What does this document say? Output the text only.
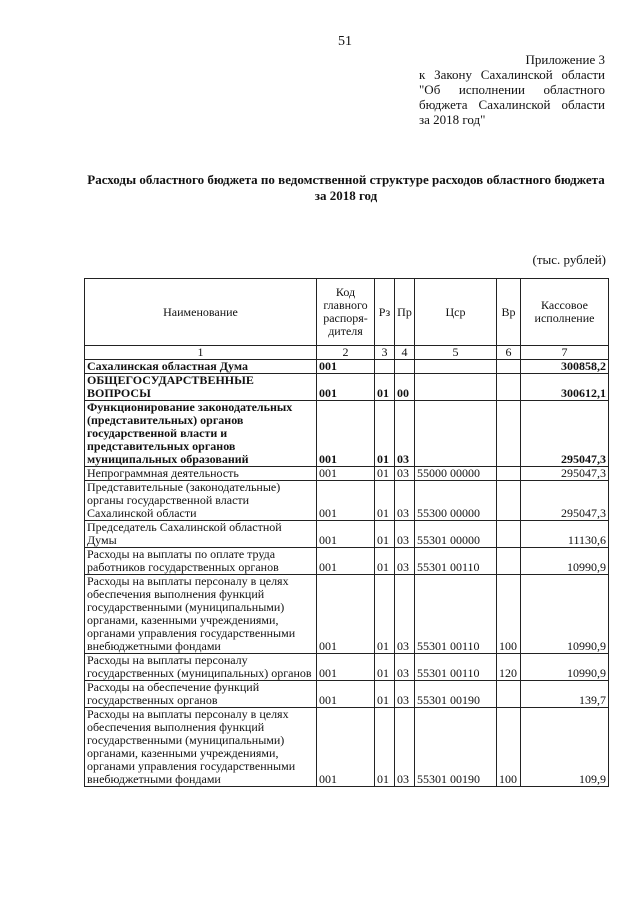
51
Приложение 3
к Закону Сахалинской области
"Об исполнении областного
бюджета Сахалинской области
за 2018 год"
Расходы областного бюджета по ведомственной структуре расходов областного бюджета
за 2018 год
(тыс. рублей)
Наименование	Код главного распоря-дителя	Рз	Пр	Цср	Вр	Кассовое исполнение
1	2	3	4	5	6	7
Сахалинская областная Дума	001					300858,2
ОБЩЕГОСУДАРСТВЕННЫЕ ВОПРОСЫ	001	01	00			300612,1
Функционирование законодательных (представительных) органов государственной власти и представительных органов муниципальных образований	001	01	03			295047,3
Непрограммная деятельность	001	01	03	55000 00000		295047,3
Представительные (законодательные) органы государственной власти Сахалинской области	001	01	03	55300 00000		295047,3
Председатель Сахалинской областной Думы	001	01	03	55301 00000		11130,6
Расходы на выплаты по оплате труда работников государственных органов	001	01	03	55301 00110		10990,9
Расходы на выплаты персоналу в целях обеспечения выполнения функций государственными (муниципальными) органами, казенными учреждениями, органами управления государственными внебюджетными фондами	001	01	03	55301 00110	100	10990,9
Расходы на выплаты персоналу государственных (муниципальных) органов	001	01	03	55301 00110	120	10990,9
Расходы на обеспечение функций государственных органов	001	01	03	55301 00190		139,7
Расходы на выплаты персоналу в целях обеспечения выполнения функций государственными (муниципальными) органами, казенными учреждениями, органами управления государственными внебюджетными фондами	001	01	03	55301 00190	100	109,9
